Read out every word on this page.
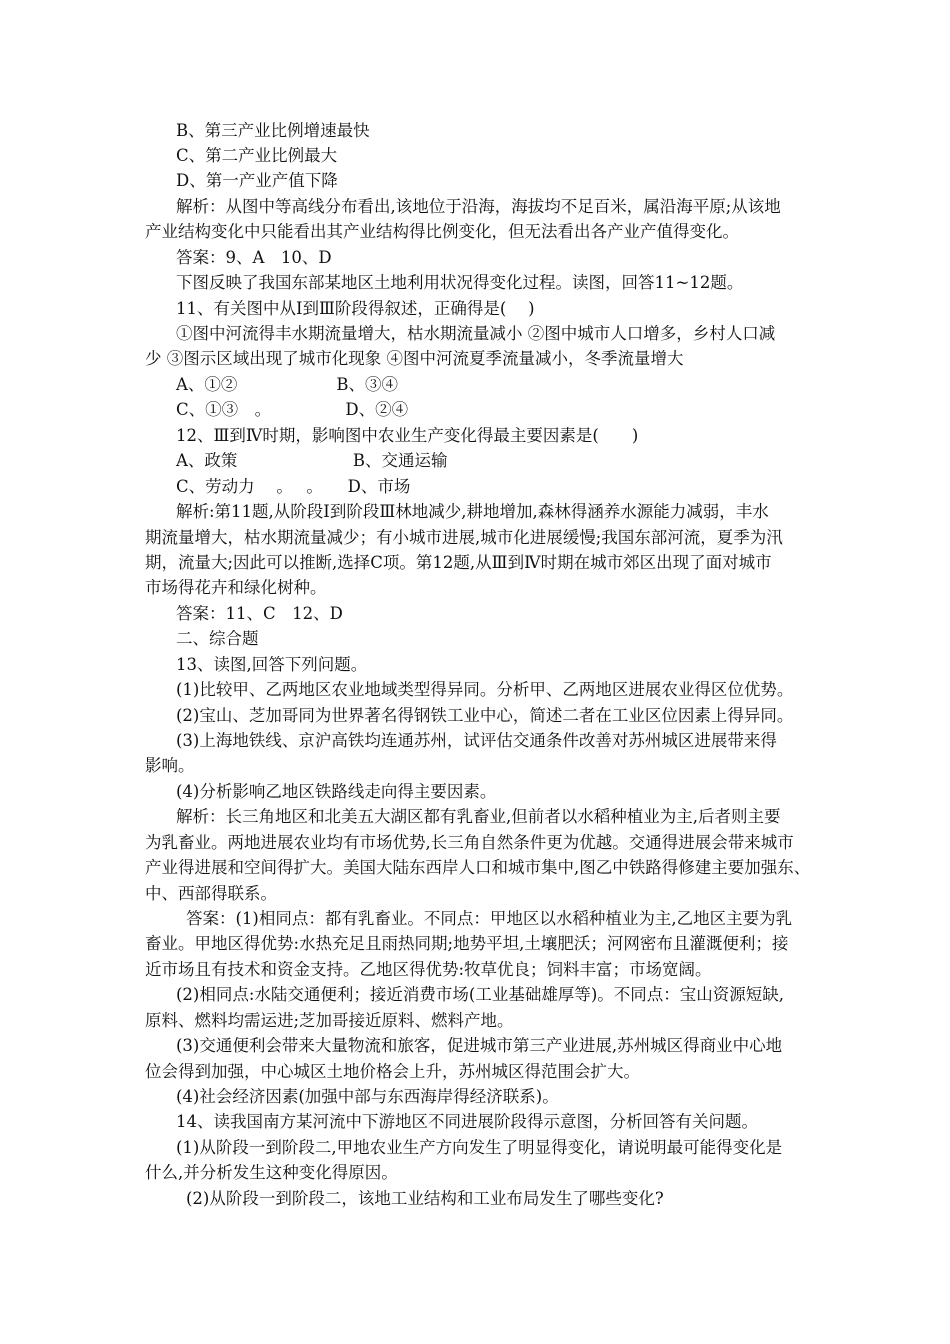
B、第三产业比例增速最快
C、第二产业比例最大
D、第一产业产值下降
解析：从图中等高线分布看出,该地位于沿海，海拔均不足百米，属沿海平原;从该地
产业结构变化中只能看出其产业结构得比例变化，但无法看出各产业产值得变化。
答案：9、A　10、D
下图反映了我国东部某地区土地利用状况得变化过程。读图，回答11~12题。
11、有关图中从Ⅰ到Ⅲ阶段得叙述，正确得是(　 )
①图中河流得丰水期流量增大，枯水期流量减小 ②图中城市人口增多，乡村人口减
少 ③图示区域出现了城市化现象 ④图中河流夏季流量减小，冬季流量增大
A、①②　　　　　　B、③④
C、①③　。　　　　　D、②④
12、Ⅲ到Ⅳ时期，影响图中农业生产变化得最主要因素是(　　)
A、政策　　　　　　　B、交通运输
C、劳动力　 。　 。　　D、市场
解析:第11题,从阶段Ⅰ到阶段Ⅲ林地减少,耕地增加,森林得涵养水源能力减弱，丰水
期流量增大，枯水期流量减少；有小城市进展,城市化进展缓慢;我国东部河流，夏季为汛
期，流量大;因此可以推断,选择C项。第12题,从Ⅲ到Ⅳ时期在城市郊区出现了面对城市
市场得花卉和绿化树种。
答案：11、C　12、D
二、综合题
13、读图,回答下列问题。
(1)比较甲、乙两地区农业地域类型得异同。分析甲、乙两地区进展农业得区位优势。
(2)宝山、芝加哥同为世界著名得钢铁工业中心，简述二者在工业区位因素上得异同。
(3)上海地铁线、京沪高铁均连通苏州，试评估交通条件改善对苏州城区进展带来得
影响。
(4)分析影响乙地区铁路线走向得主要因素。
解析：长三角地区和北美五大湖区都有乳畜业,但前者以水稻种植业为主,后者则主要
为乳畜业。两地进展农业均有市场优势,长三角自然条件更为优越。交通得进展会带来城市
产业得进展和空间得扩大。美国大陆东西岸人口和城市集中,图乙中铁路得修建主要加强东、
中、西部得联系。
答案：(1)相同点：都有乳畜业。不同点：甲地区以水稻种植业为主,乙地区主要为乳
畜业。甲地区得优势:水热充足且雨热同期;地势平坦,土壤肥沃；河网密布且灌溉便利；接
近市场且有技术和资金支持。乙地区得优势:牧草优良；饲料丰富；市场宽阔。
(2)相同点:水陆交通便利；接近消费市场(工业基础雄厚等)。不同点：宝山资源短缺,
原料、燃料均需运进;芝加哥接近原料、燃料产地。
(3)交通便利会带来大量物流和旅客，促进城市第三产业进展,苏州城区得商业中心地
位会得到加强，中心城区土地价格会上升，苏州城区得范围会扩大。
(4)社会经济因素(加强中部与东西海岸得经济联系)。
14、读我国南方某河流中下游地区不同进展阶段得示意图，分析回答有关问题。
(1)从阶段一到阶段二,甲地农业生产方向发生了明显得变化，请说明最可能得变化是
什么,并分析发生这种变化得原因。
(2)从阶段一到阶段二，该地工业结构和工业布局发生了哪些变化?
